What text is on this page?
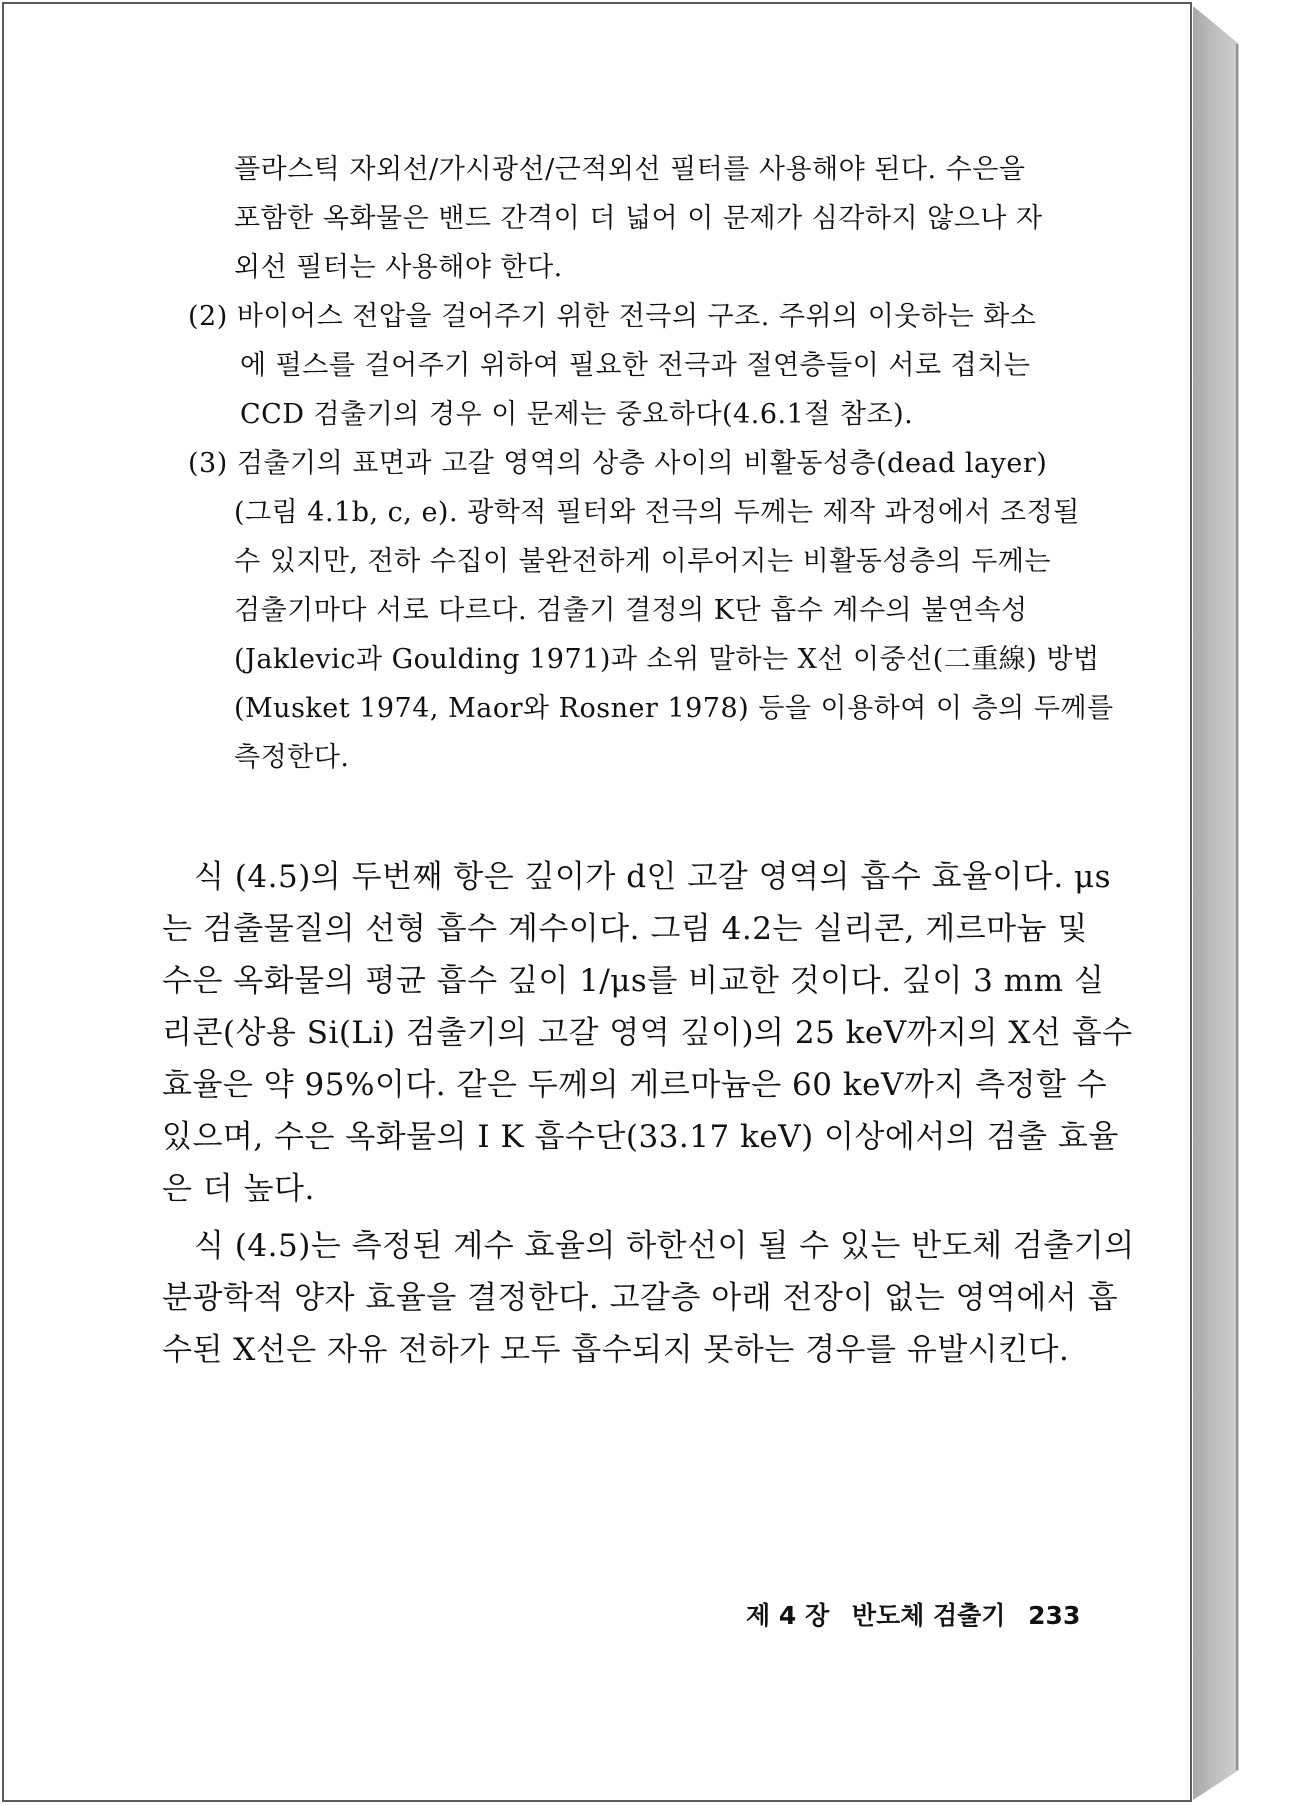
플라스틱 자외선/가시광선/근적외선 필터를 사용해야 된다. 수은을
포함한 옥화물은 밴드 간격이 더 넓어 이 문제가 심각하지 않으나 자
외선 필터는 사용해야 한다.
(2) 바이어스 전압을 걸어주기 위한 전극의 구조. 주위의 이웃하는 화소
에 펄스를 걸어주기 위하여 필요한 전극과 절연층들이 서로 겹치는
CCD 검출기의 경우 이 문제는 중요하다(4.6.1절 참조).
(3) 검출기의 표면과 고갈 영역의 상층 사이의 비활동성층(dead layer)
(그림 4.1b, c, e). 광학적 필터와 전극의 두께는 제작 과정에서 조정될
수 있지만, 전하 수집이 불완전하게 이루어지는 비활동성층의 두께는
검출기마다 서로 다르다. 검출기 결정의 K단 흡수 계수의 불연속성
(Jaklevic과 Goulding 1971)과 소위 말하는 X선 이중선(二重線) 방법
(Musket 1974, Maor와 Rosner 1978) 등을 이용하여 이 층의 두께를
측정한다.
식 (4.5)의 두번째 항은 깊이가 d인 고갈 영역의 흡수 효율이다. μs
는 검출물질의 선형 흡수 계수이다. 그림 4.2는 실리콘, 게르마늄 및
수은 옥화물의 평균 흡수 깊이 1/μs를 비교한 것이다. 깊이 3 mm 실
리콘(상용 Si(Li) 검출기의 고갈 영역 깊이)의 25 keV까지의 X선 흡수
효율은 약 95%이다. 같은 두께의 게르마늄은 60 keV까지 측정할 수
있으며, 수은 옥화물의 I K 흡수단(33.17 keV) 이상에서의 검출 효율
은 더 높다.
식 (4.5)는 측정된 계수 효율의 하한선이 될 수 있는 반도체 검출기의
분광학적 양자 효율을 결정한다. 고갈층 아래 전장이 없는 영역에서 흡
수된 X선은 자유 전하가 모두 흡수되지 못하는 경우를 유발시킨다.
제 4 장 반도체 검출기 233
